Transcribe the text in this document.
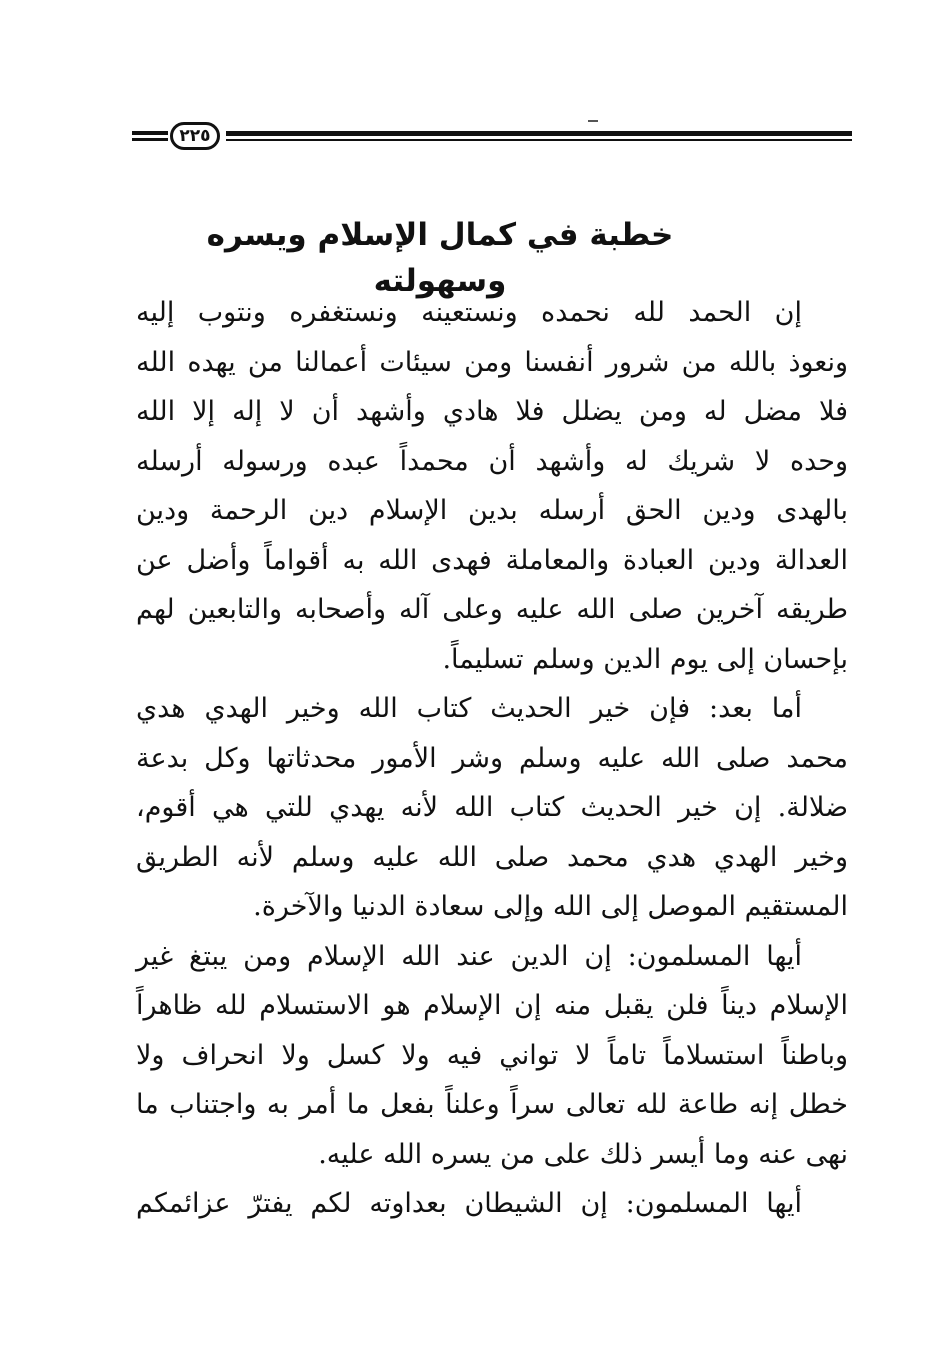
٢٢٥
خطبة في كمال الإسلام ويسره وسهولته

إن الحمد لله نحمده ونستعينه ونستغفره ونتوب إليه
ونعوذ بالله من شرور أنفسنا ومن سيئات أعمالنا من يهده الله
فلا مضل له ومن يضلل فلا هادي وأشهد أن لا إله إلا الله
وحده لا شريك له وأشهد أن محمداً عبده ورسوله أرسله
بالهدى ودين الحق أرسله بدين الإسلام دين الرحمة ودين
العدالة ودين العبادة والمعاملة فهدى الله به أقواماً وأضل عن
طريقه آخرين صلى الله عليه وعلى آله وأصحابه والتابعين لهم
بإحسان إلى يوم الدين وسلم تسليماً.

أما بعد: فإن خير الحديث كتاب الله وخير الهدي هدي
محمد صلى الله عليه وسلم وشر الأمور محدثاتها وكل بدعة
ضلالة. إن خير الحديث كتاب الله لأنه يهدي للتي هي أقوم،
وخير الهدي هدي محمد صلى الله عليه وسلم لأنه الطريق
المستقيم الموصل إلى الله وإلى سعادة الدنيا والآخرة.

أيها المسلمون: إن الدين عند الله الإسلام ومن يبتغ غير
الإسلام ديناً فلن يقبل منه إن الإسلام هو الاستسلام لله ظاهراً
وباطناً استسلاماً تاماً لا تواني فيه ولا كسل ولا انحراف ولا
خطل إنه طاعة لله تعالى سراً وعلناً بفعل ما أمر به واجتناب ما
نهى عنه وما أيسر ذلك على من يسره الله عليه.

أيها المسلمون: إن الشيطان بعداوته لكم يفترّ عزائمكم
